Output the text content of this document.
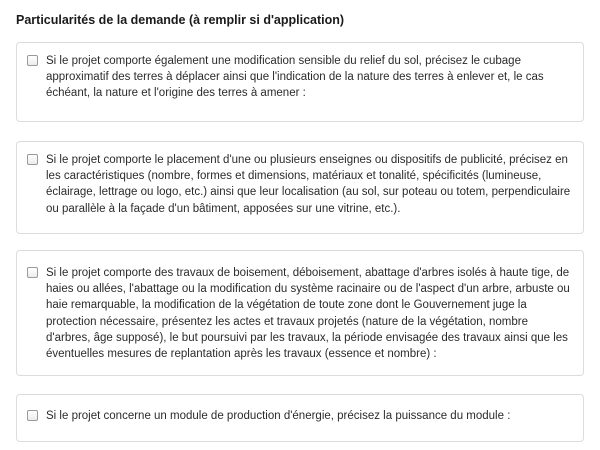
Particularités de la demande (à remplir si d'application)
Si le projet comporte également une modification sensible du relief du sol, précisez le cubage approximatif des terres à déplacer ainsi que l'indication de la nature des terres à enlever et, le cas échéant, la nature et l'origine des terres à amener :
Si le projet comporte le placement d'une ou plusieurs enseignes ou dispositifs de publicité, précisez en les caractéristiques (nombre, formes et dimensions, matériaux et tonalité, spécificités (lumineuse, éclairage, lettrage ou logo, etc.) ainsi que leur localisation (au sol, sur poteau ou totem, perpendiculaire ou parallèle à la façade d'un bâtiment, apposées sur une vitrine, etc.).
Si le projet comporte des travaux de boisement, déboisement, abattage d'arbres isolés à haute tige, de haies ou allées, l'abattage ou la modification du système racinaire ou de l'aspect d'un arbre, arbuste ou haie remarquable, la modification de la végétation de toute zone dont le Gouvernement juge la protection nécessaire, présentez les actes et travaux projetés (nature de la végétation, nombre d'arbres, âge supposé), le but poursuivi par les travaux, la période envisagée des travaux ainsi que les éventuelles mesures de replantation après les travaux (essence et nombre) :
Si le projet concerne un module de production d'énergie, précisez la puissance du module :
